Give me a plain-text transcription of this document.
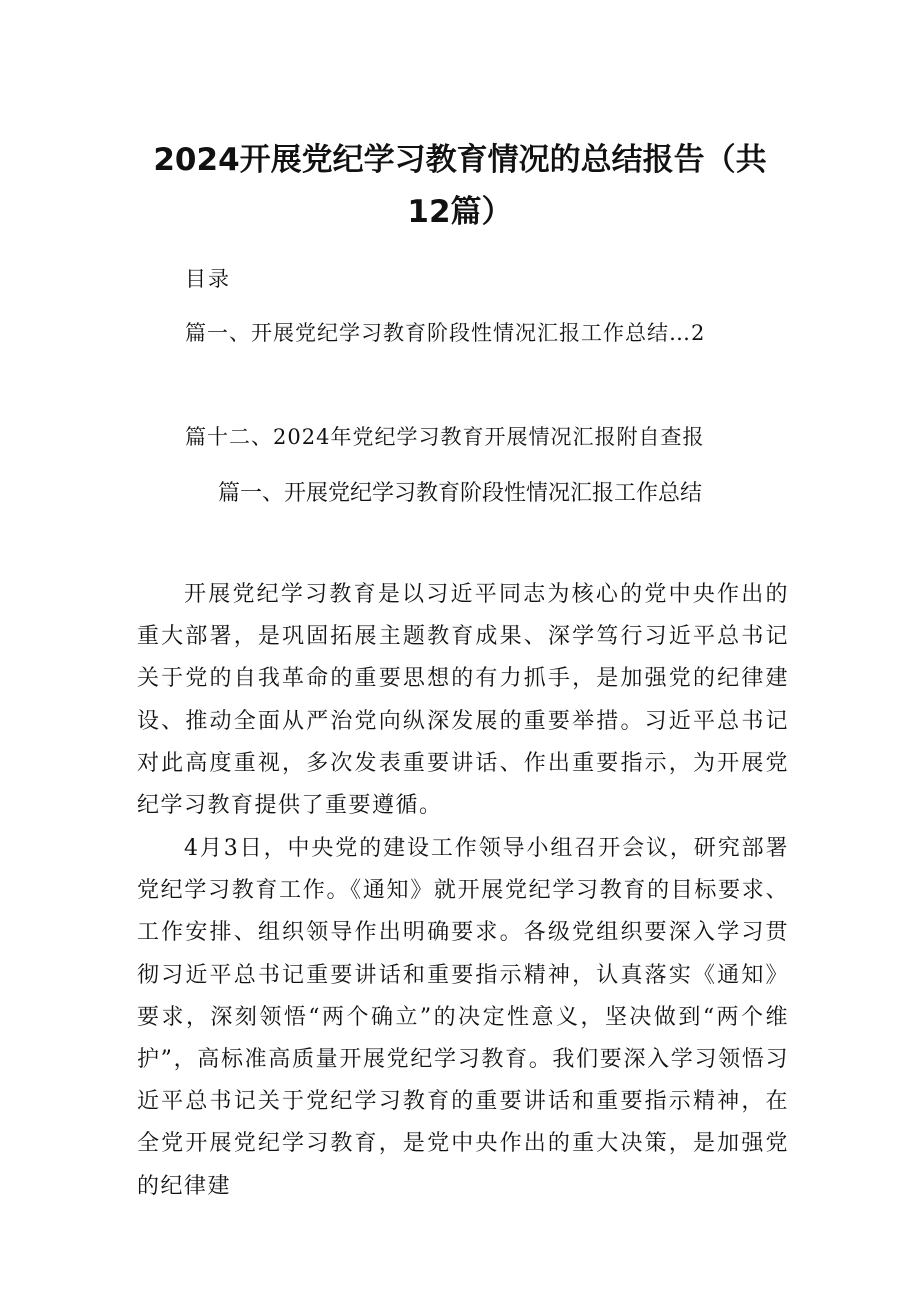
2024开展党纪学习教育情况的总结报告（共12篇）
目录
篇一、开展党纪学习教育阶段性情况汇报工作总结…2
篇十二、2024年党纪学习教育开展情况汇报附自查报
篇一、开展党纪学习教育阶段性情况汇报工作总结

开展党纪学习教育是以习近平同志为核心的党中央作出的重大部署，是巩固拓展主题教育成果、深学笃行习近平总书记关于党的自我革命的重要思想的有力抓手，是加强党的纪律建设、推动全面从严治党向纵深发展的重要举措。习近平总书记对此高度重视，多次发表重要讲话、作出重要指示，为开展党纪学习教育提供了重要遵循。

4月3日，中央党的建设工作领导小组召开会议，研究部署党纪学习教育工作。《通知》就开展党纪学习教育的目标要求、工作安排、组织领导作出明确要求。各级党组织要深入学习贯彻习近平总书记重要讲话和重要指示精神，认真落实《通知》要求，深刻领悟“两个确立”的决定性意义，坚决做到“两个维护”，高标准高质量开展党纪学习教育。我们要深入学习领悟习近平总书记关于党纪学习教育的重要讲话和重要指示精神，在全党开展党纪学习教育，是党中央作出的重大决策，是加强党的纪律建
